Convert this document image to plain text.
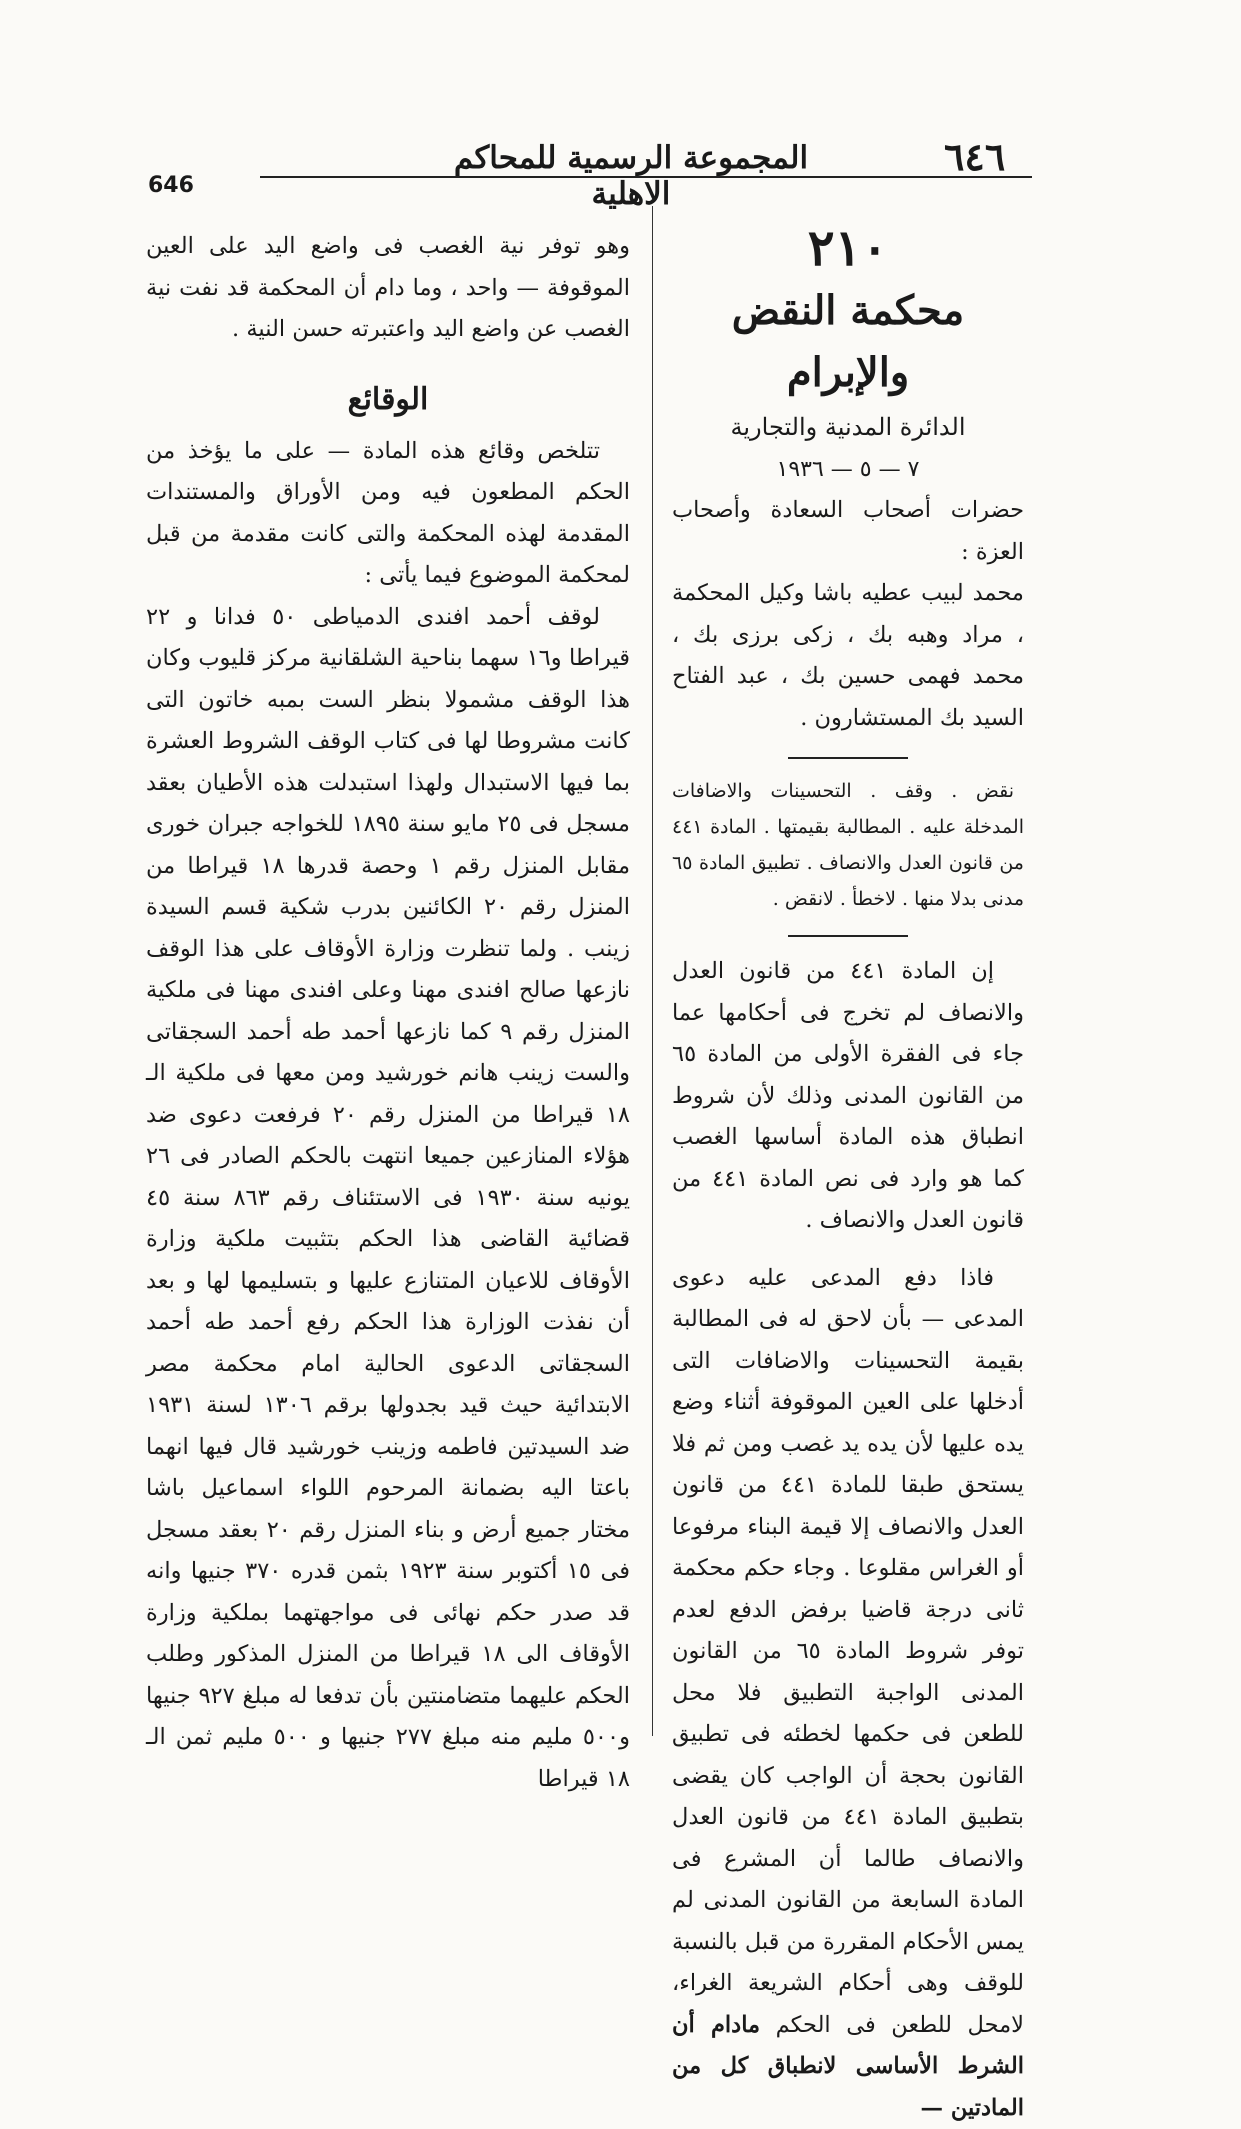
٦٤٦
المجموعة الرسمية للمحاكم الاهلية
646
٢١٠
محكمة النقض والإبرام
الدائرة المدنية والتجارية
٧ — ٥ — ١٩٣٦

حضرات أصحاب السعادة وأصحاب العزة :

محمد لبيب عطيه باشا وكيل المحكمة ، مراد وهبه بك ، زكى برزى بك ، محمد فهمى حسين بك ، عبد الفتاح السيد بك المستشارون .

نقض . وقف . التحسينات والاضافات المدخلة عليه . المطالبة بقيمتها . المادة ٤٤١ من قانون العدل والانصاف . تطبيق المادة ٦٥ مدنى بدلا منها . لاخطأ . لانقض .

إن المادة ٤٤١ من قانون العدل والانصاف لم تخرج فى أحكامها عما جاء فى الفقرة الأولى من المادة ٦٥ من القانون المدنى وذلك لأن شروط انطباق هذه المادة أساسها الغصب كما هو وارد فى نص المادة ٤٤١ من قانون العدل والانصاف .

فاذا دفع المدعى عليه دعوى المدعى — بأن لاحق له فى المطالبة بقيمة التحسينات والاضافات التى أدخلها على العين الموقوفة أثناء وضع يده عليها لأن يده يد غصب ومن ثم فلا يستحق طبقا للمادة ٤٤١ من قانون العدل والانصاف إلا قيمة البناء مرفوعا أو الغراس مقلوعا . وجاء حكم محكمة ثانى درجة قاضيا برفض الدفع لعدم توفر شروط المادة ٦٥ من القانون المدنى الواجبة التطبيق فلا محل للطعن فى حكمها لخطئه فى تطبيق القانون بحجة أن الواجب كان يقضى بتطبيق المادة ٤٤١ من قانون العدل والانصاف طالما أن المشرع فى المادة السابعة من القانون المدنى لم يمس الأحكام المقررة من قبل بالنسبة للوقف وهى أحكام الشريعة الغراء، لامحل للطعن فى الحكم مادام أن الشرط الأساسى لانطباق كل من المادتين —

وهو توفر نية الغصب فى واضع اليد على العين الموقوفة — واحد ، وما دام أن المحكمة قد نفت نية الغصب عن واضع اليد واعتبرته حسن النية .

الوقائع

تتلخص وقائع هذه المادة — على ما يؤخذ من الحكم المطعون فيه ومن الأوراق والمستندات المقدمة لهذه المحكمة والتى كانت مقدمة من قبل لمحكمة الموضوع فيما يأتى :

لوقف أحمد افندى الدمياطى ٥٠ فدانا و ٢٢ قيراطا و١٦ سهما بناحية الشلقانية مركز قليوب وكان هذا الوقف مشمولا بنظر الست بمبه خاتون التى كانت مشروطا لها فى كتاب الوقف الشروط العشرة بما فيها الاستبدال ولهذا استبدلت هذه الأطيان بعقد مسجل فى ٢٥ مايو سنة ١٨٩٥ للخواجه جبران خورى مقابل المنزل رقم ١ وحصة قدرها ١٨ قيراطا من المنزل رقم ٢٠ الكائنين بدرب شكية قسم السيدة زينب . ولما تنظرت وزارة الأوقاف على هذا الوقف نازعها صالح افندى مهنا وعلى افندى مهنا فى ملكية المنزل رقم ٩ كما نازعها أحمد طه أحمد السجقاتى والست زينب هانم خورشيد ومن معها فى ملكية الـ ١٨ قيراطا من المنزل رقم ٢٠ فرفعت دعوى ضد هؤلاء المنازعين جميعا انتهت بالحكم الصادر فى ٢٦ يونيه سنة ١٩٣٠ فى الاستئناف رقم ٨٦٣ سنة ٤٥ قضائية القاضى هذا الحكم بتثبيت ملكية وزارة الأوقاف للاعيان المتنازع عليها و بتسليمها لها و بعد أن نفذت الوزارة هذا الحكم رفع أحمد طه أحمد السجقاتى الدعوى الحالية امام محكمة مصر الابتدائية حيث قيد بجدولها برقم ١٣٠٦ لسنة ١٩٣١ ضد السيدتين فاطمه وزينب خورشيد قال فيها انهما باعتا اليه بضمانة المرحوم اللواء اسماعيل باشا مختار جميع أرض و بناء المنزل رقم ٢٠ بعقد مسجل فى ١٥ أكتوبر سنة ١٩٢٣ بثمن قدره ٣٧٠ جنيها وانه قد صدر حكم نهائى فى مواجهتهما بملكية وزارة الأوقاف الى ١٨ قيراطا من المنزل المذكور وطلب الحكم عليهما متضامنتين بأن تدفعا له مبلغ ٩٢٧ جنيها و٥٠٠ مليم منه مبلغ ٢٧٧ جنيها و ٥٠٠ مليم ثمن الـ ١٨ قيراطا
